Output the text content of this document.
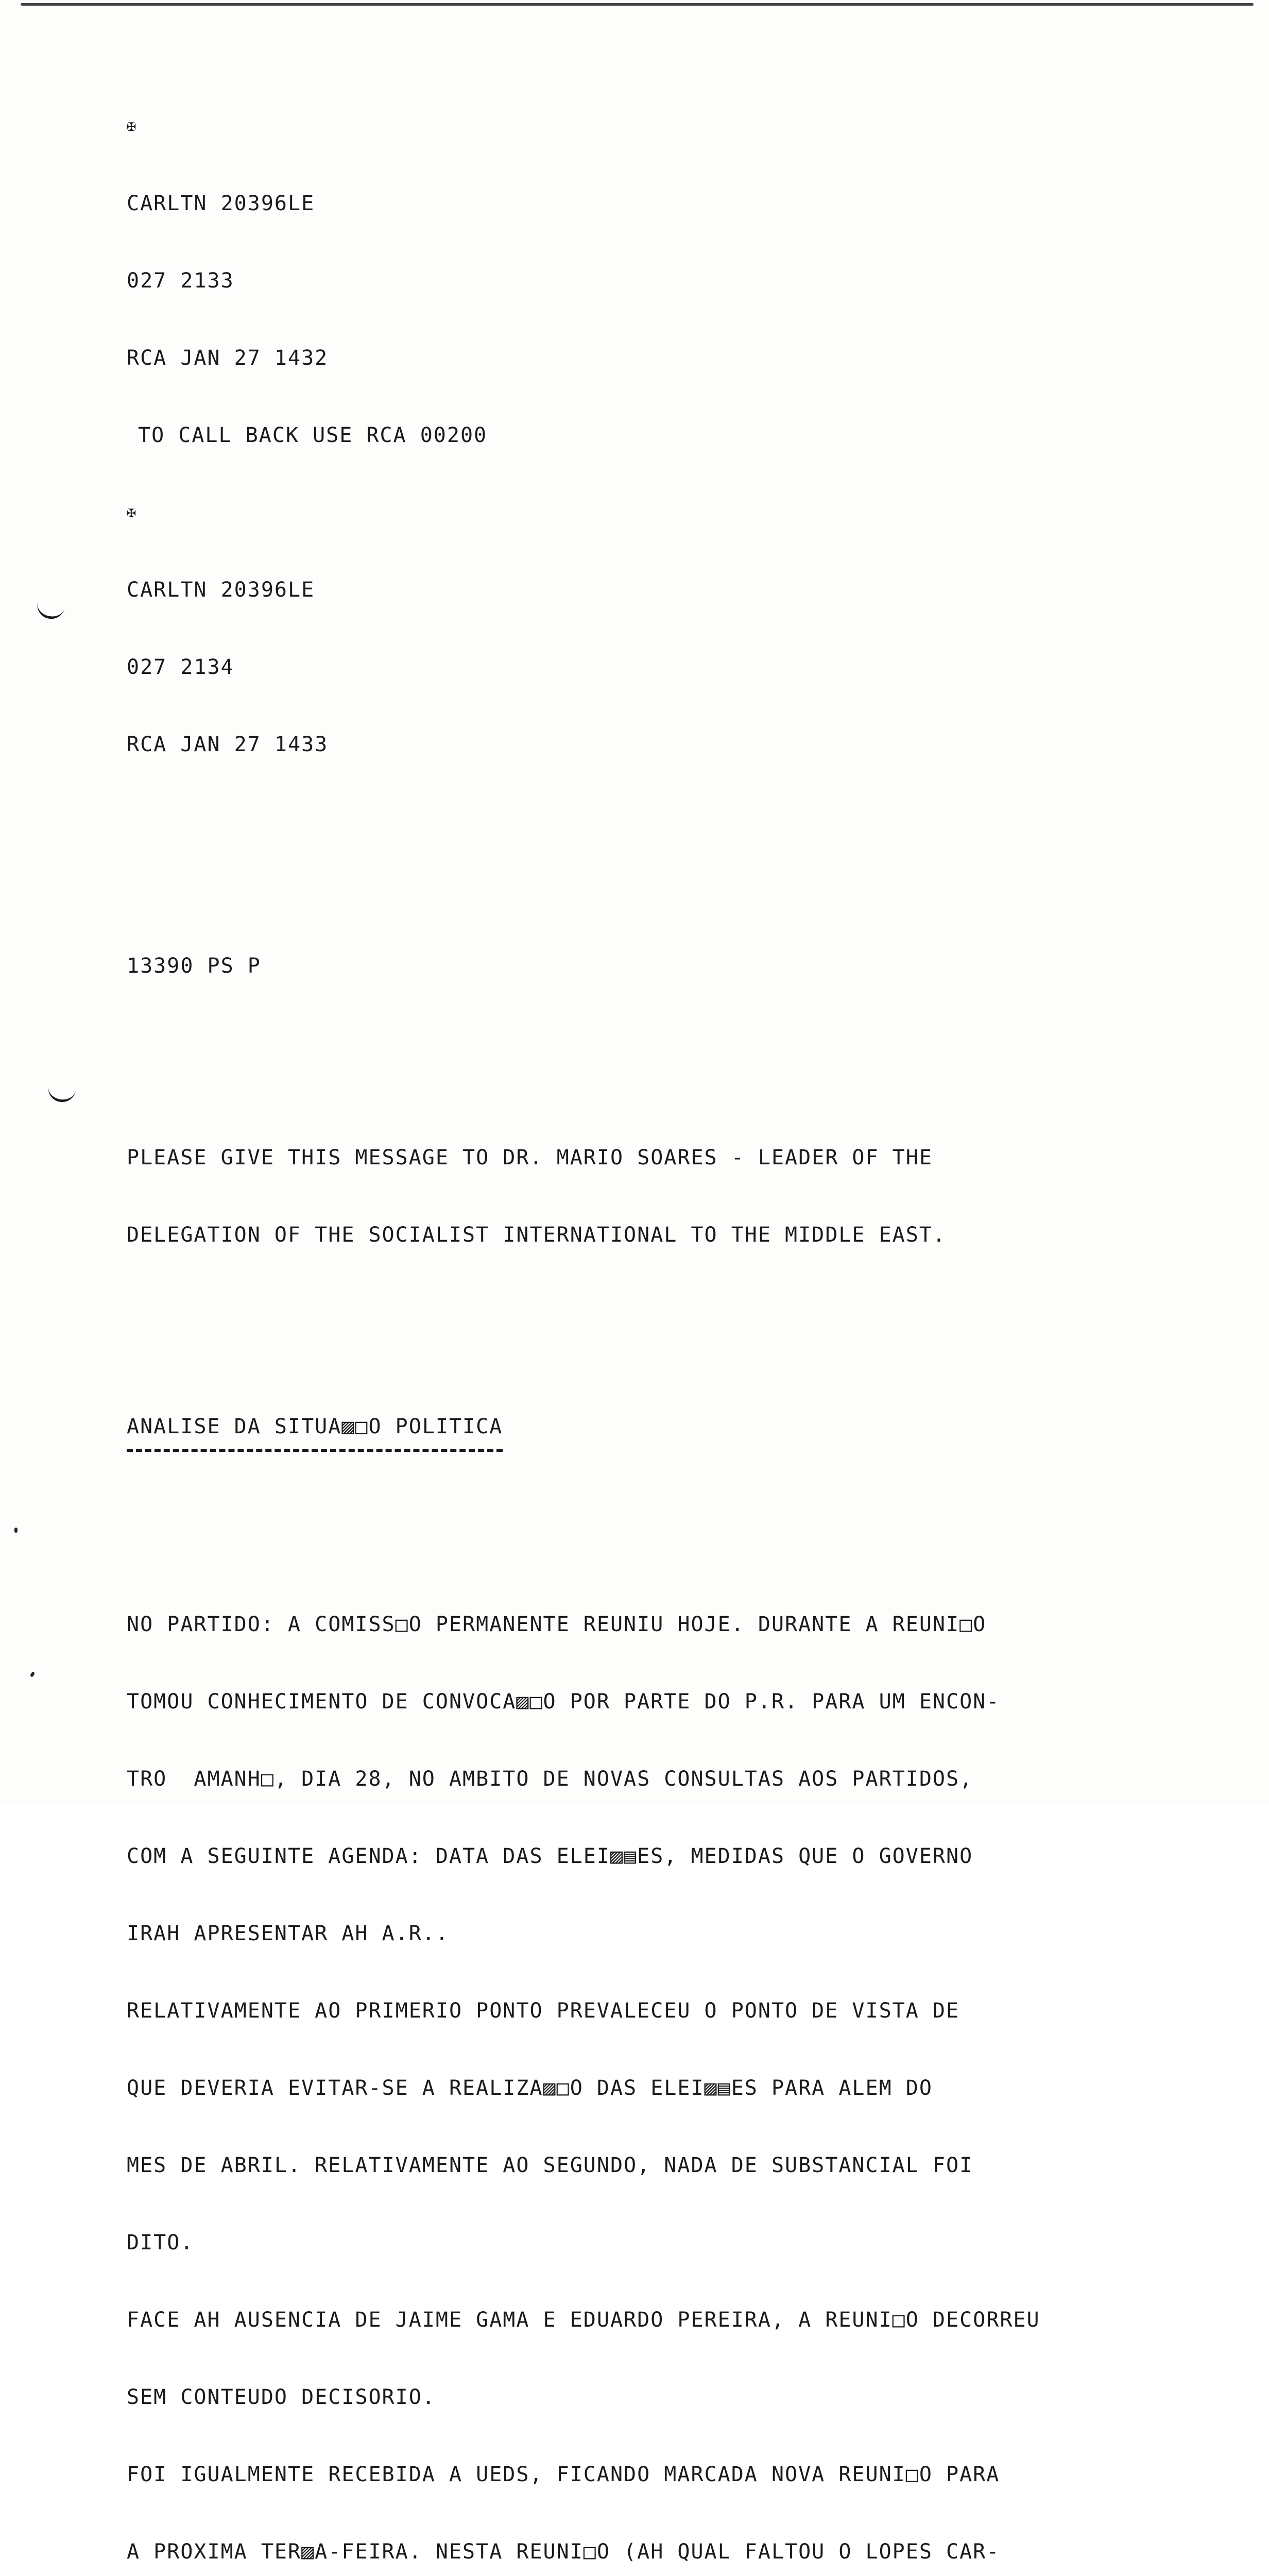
✠

CARLTN 20396LE

027 2133

RCA JAN 27 1432

TO CALL BACK USE RCA 00200

✠

CARLTN 20396LE

027 2134

RCA JAN 27 1433

13390 PS P

PLEASE GIVE THIS MESSAGE TO DR. MARIO SOARES - LEADER OF THE

DELEGATION OF THE SOCIALIST INTERNATIONAL TO THE MIDDLE EAST.

ANALISE DA SITUA▨□O POLITICA

NO PARTIDO: A COMISS□O PERMANENTE REUNIU HOJE. DURANTE A REUNI□O

TOMOU CONHECIMENTO DE CONVOCA▨□O POR PARTE DO P.R. PARA UM ENCON-

TRO  AMANH□, DIA 28, NO AMBITO DE NOVAS CONSULTAS AOS PARTIDOS,

COM A SEGUINTE AGENDA: DATA DAS ELEI▨▤ES, MEDIDAS QUE O GOVERNO

IRAH APRESENTAR AH A.R..

RELATIVAMENTE AO PRIMERIO PONTO PREVALECEU O PONTO DE VISTA DE

QUE DEVERIA EVITAR-SE A REALIZA▨□O DAS ELEI▨▤ES PARA ALEM DO

MES DE ABRIL. RELATIVAMENTE AO SEGUNDO, NADA DE SUBSTANCIAL FOI

DITO.

FACE AH AUSENCIA DE JAIME GAMA E EDUARDO PEREIRA, A REUNI□O DECORREU

SEM CONTEUDO DECISORIO.

FOI IGUALMENTE RECEBIDA A UEDS, FICANDO MARCADA NOVA REUNI□O PARA

A PROXIMA TER▨A-FEIRA. NESTA REUNI□O (AH QUAL FALTOU O LOPES CAR-
